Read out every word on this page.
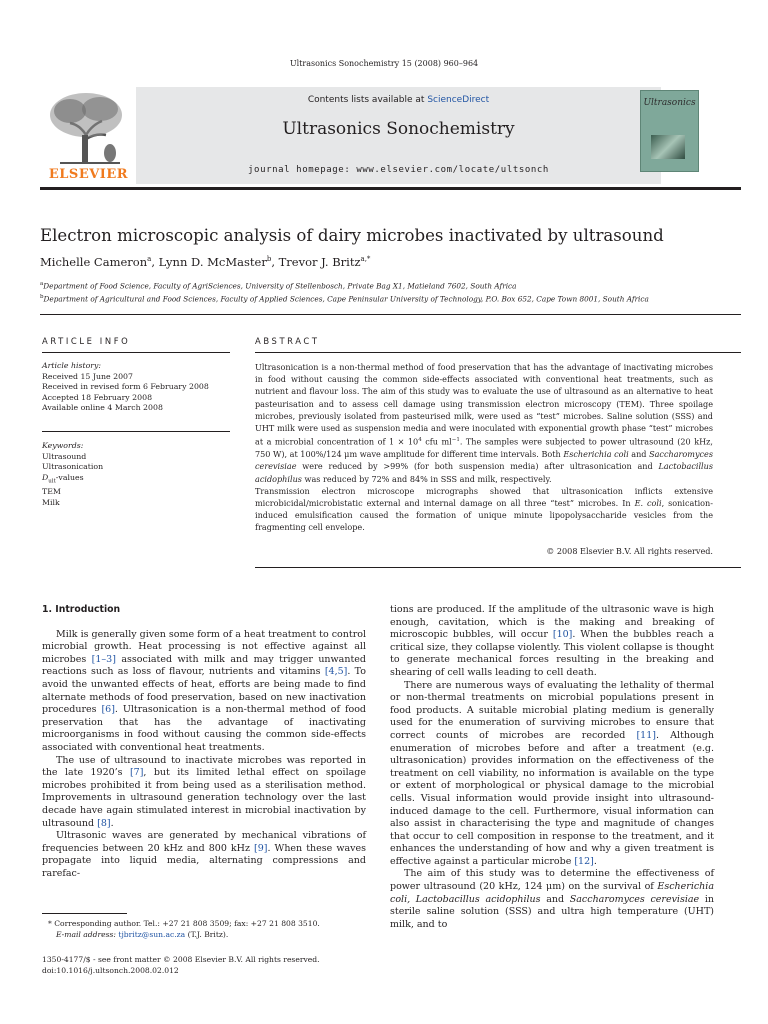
Ultrasonics Sonochemistry 15 (2008) 960–964
ELSEVIER
Contents lists available at ScienceDirect
Ultrasonics Sonochemistry
journal homepage: www.elsevier.com/locate/ultsonch
Ultrasonics
Electron microscopic analysis of dairy microbes inactivated by ultrasound
Michelle Cameron$^a$, Lynn D. McMaster$^b$, Trevor J. Britz$^{a,*}$
$^a$Department of Food Science, Faculty of AgriSciences, University of Stellenbosch, Private Bag X1, Matieland 7602, South Africa
$^b$Department of Agricultural and Food Sciences, Faculty of Applied Sciences, Cape Peninsular University of Technology, P.O. Box 652, Cape Town 8001, South Africa
ARTICLE INFO
Article history:
Received 15 June 2007
Received in revised form 6 February 2008
Accepted 18 February 2008
Available online 4 March 2008
Keywords:
Ultrasound
Ultrasonication
$D_{ult}$-values
TEM
Milk
ABSTRACT

Ultrasonication is a non-thermal method of food preservation that has the advantage of inactivating microbes in food without causing the common side-effects associated with conventional heat treatments, such as nutrient and flavour loss. The aim of this study was to evaluate the use of ultrasound as an alternative to heat pasteurisation and to assess cell damage using transmission electron microscopy (TEM). Three spoilage microbes, previously isolated from pasteurised milk, were used as “test” microbes. Saline solution (SSS) and UHT milk were used as suspension media and were inoculated with exponential growth phase “test” microbes at a microbial concentration of $1 \times 10^4$ cfu $ml^{-1}$. The samples were subjected to power ultrasound (20 kHz, 750 W), at 100%/124 μm wave amplitude for different time intervals. Both Escherichia coli and Saccharomyces cerevisiae were reduced by >99% (for both suspension media) after ultrasonication and Lactobacillus acidophilus was reduced by 72% and 84% in SSS and milk, respectively.

Transmission electron microscope micrographs showed that ultrasonication inflicts extensive microbicidal/microbistatic external and internal damage on all three “test” microbes. In E. coli, sonication-induced emulsification caused the formation of unique minute lipopolysaccharide vesicles from the fragmenting cell envelope.

© 2008 Elsevier B.V. All rights reserved.

1. Introduction

Milk is generally given some form of a heat treatment to control microbial growth. Heat processing is not effective against all microbes [1–3] associated with milk and may trigger unwanted reactions such as loss of flavour, nutrients and vitamins [4,5]. To avoid the unwanted effects of heat, efforts are being made to find alternate methods of food preservation, based on new inactivation procedures [6]. Ultrasonication is a non-thermal method of food preservation that has the advantage of inactivating microorganisms in food without causing the common side-effects associated with conventional heat treatments.

The use of ultrasound to inactivate microbes was reported in the late 1920’s [7], but its limited lethal effect on spoilage microbes prohibited it from being used as a sterilisation method. Improvements in ultrasound generation technology over the last decade have again stimulated interest in microbial inactivation by ultrasound [8].

Ultrasonic waves are generated by mechanical vibrations of frequencies between 20 kHz and 800 kHz [9]. When these waves propagate into liquid media, alternating compressions and rarefac-

tions are produced. If the amplitude of the ultrasonic wave is high enough, cavitation, which is the making and breaking of microscopic bubbles, will occur [10]. When the bubbles reach a critical size, they collapse violently. This violent collapse is thought to generate mechanical forces resulting in the breaking and shearing of cell walls leading to cell death.

There are numerous ways of evaluating the lethality of thermal or non-thermal treatments on microbial populations present in food products. A suitable microbial plating medium is generally used for the enumeration of surviving microbes to ensure that correct counts of microbes are recorded [11]. Although enumeration of microbes before and after a treatment (e.g. ultrasonication) provides information on the effectiveness of the treatment on cell viability, no information is available on the type or extent of morphological or physical damage to the microbial cells. Visual information would provide insight into ultrasound-induced damage to the cell. Furthermore, visual information can also assist in characterising the type and magnitude of changes that occur to cell composition in response to the treatment, and it enhances the understanding of how and why a given treatment is effective against a particular microbe [12].

The aim of this study was to determine the effectiveness of power ultrasound (20 kHz, 124 μm) on the survival of Escherichia coli, Lactobacillus acidophilus and Saccharomyces cerevisiae in sterile saline solution (SSS) and ultra high temperature (UHT) milk, and to

* Corresponding author. Tel.: +27 21 808 3509; fax: +27 21 808 3510.
E-mail address: tjbritz@sun.ac.za (T.J. Britz).
1350-4177/$ - see front matter © 2008 Elsevier B.V. All rights reserved.
doi:10.1016/j.ultsonch.2008.02.012
